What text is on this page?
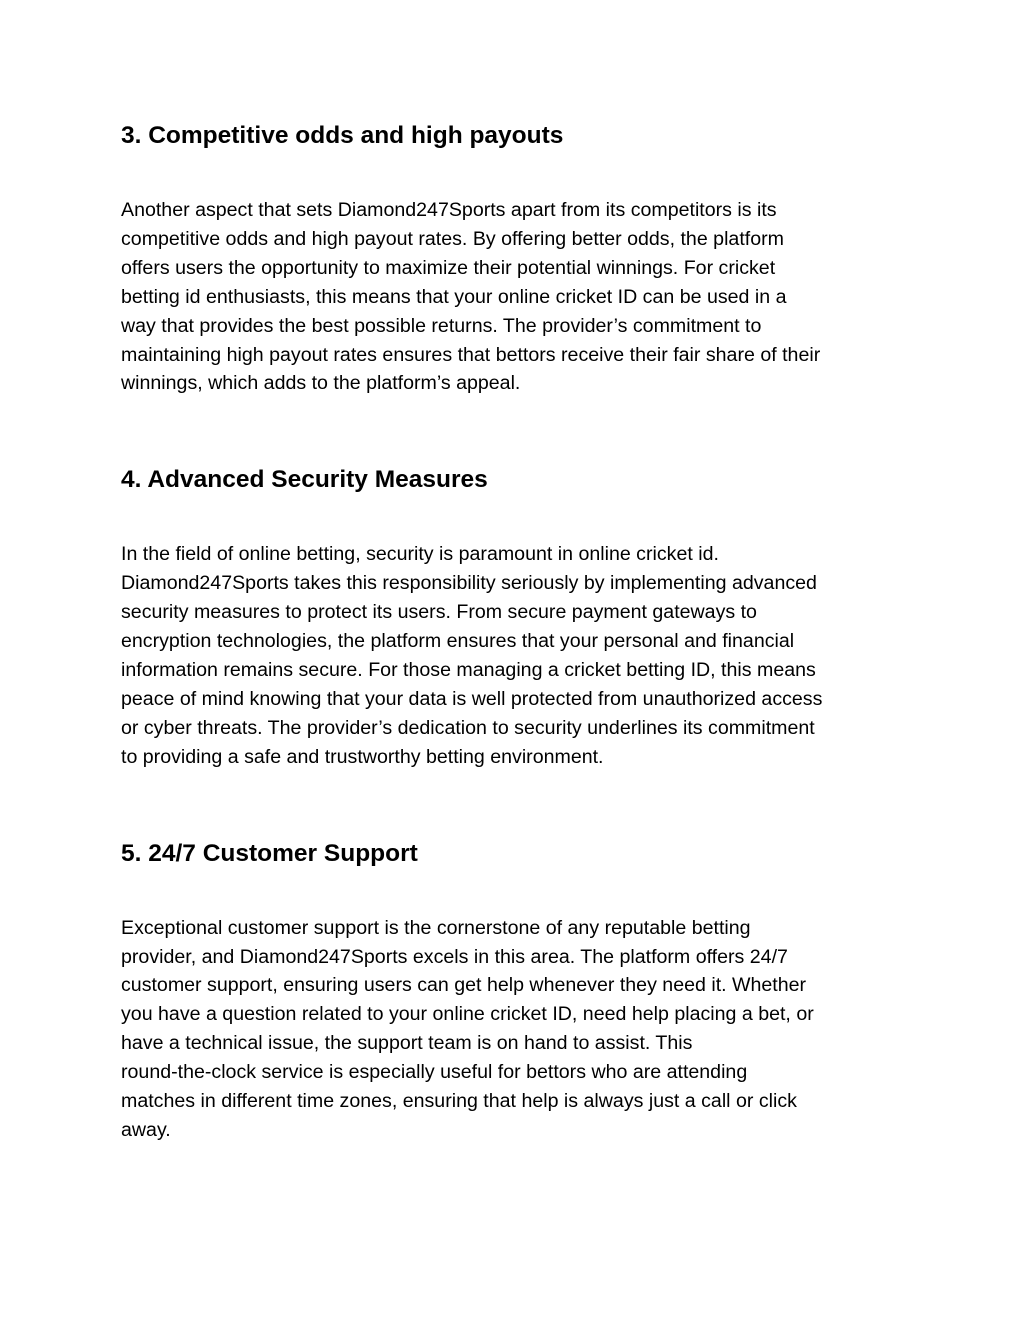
3. Competitive odds and high payouts

Another aspect that sets Diamond247Sports apart from its competitors is its
competitive odds and high payout rates. By offering better odds, the platform
offers users the opportunity to maximize their potential winnings. For cricket
betting id enthusiasts, this means that your online cricket ID can be used in a
way that provides the best possible returns. The provider’s commitment to
maintaining high payout rates ensures that bettors receive their fair share of their
winnings, which adds to the platform’s appeal.

4. Advanced Security Measures

In the field of online betting, security is paramount in online cricket id.
Diamond247Sports takes this responsibility seriously by implementing advanced
security measures to protect its users. From secure payment gateways to
encryption technologies, the platform ensures that your personal and financial
information remains secure. For those managing a cricket betting ID, this means
peace of mind knowing that your data is well protected from unauthorized access
or cyber threats. The provider’s dedication to security underlines its commitment
to providing a safe and trustworthy betting environment.

5. 24/7 Customer Support

Exceptional customer support is the cornerstone of any reputable betting
provider, and Diamond247Sports excels in this area. The platform offers 24/7
customer support, ensuring users can get help whenever they need it. Whether
you have a question related to your online cricket ID, need help placing a bet, or
have a technical issue, the support team is on hand to assist. This
round-the-clock service is especially useful for bettors who are attending
matches in different time zones, ensuring that help is always just a call or click
away.
